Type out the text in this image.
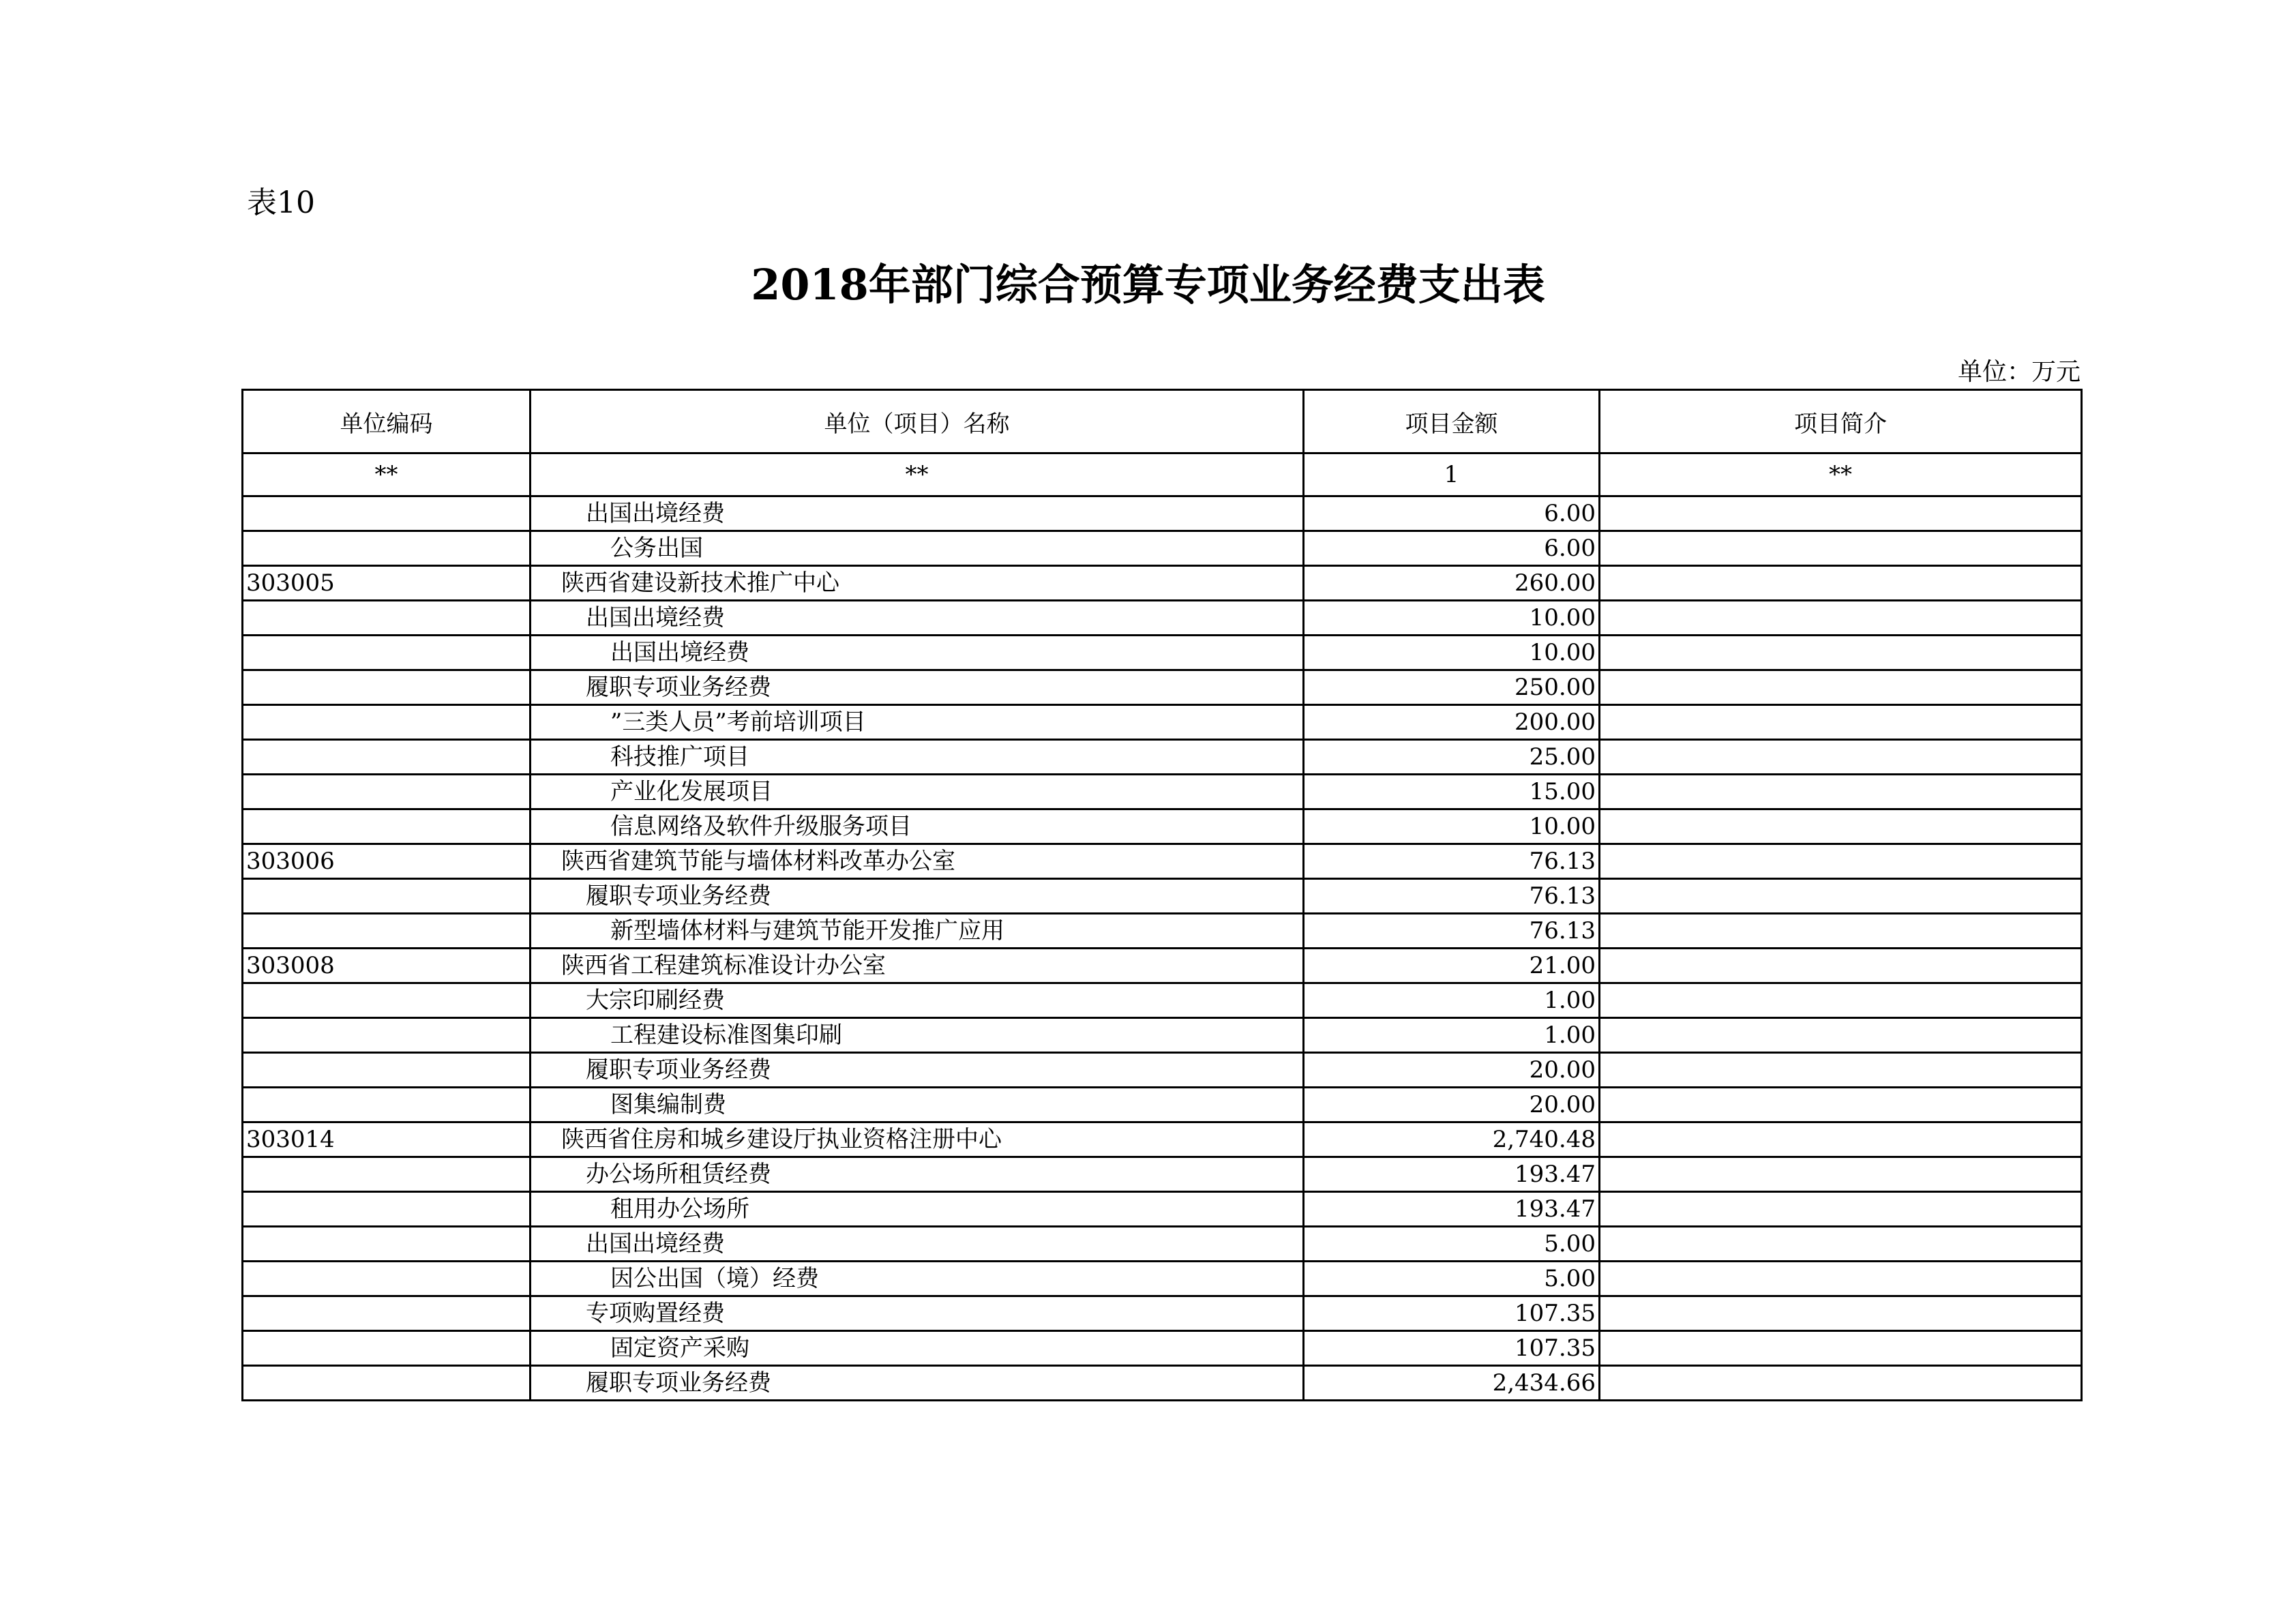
表10
2018年部门综合预算专项业务经费支出表
单位：万元
单位编码	单位（项目）名称	项目金额	项目简介
**	**	1	**
	出国出境经费	6.00	
	公务出国	6.00	
303005	陕西省建设新技术推广中心	260.00	
	出国出境经费	10.00	
	出国出境经费	10.00	
	履职专项业务经费	250.00	
	”三类人员”考前培训项目	200.00	
	科技推广项目	25.00	
	产业化发展项目	15.00	
	信息网络及软件升级服务项目	10.00	
303006	陕西省建筑节能与墙体材料改革办公室	76.13	
	履职专项业务经费	76.13	
	新型墙体材料与建筑节能开发推广应用	76.13	
303008	陕西省工程建筑标准设计办公室	21.00	
	大宗印刷经费	1.00	
	工程建设标准图集印刷	1.00	
	履职专项业务经费	20.00	
	图集编制费	20.00	
303014	陕西省住房和城乡建设厅执业资格注册中心	2,740.48	
	办公场所租赁经费	193.47	
	租用办公场所	193.47	
	出国出境经费	5.00	
	因公出国（境）经费	5.00	
	专项购置经费	107.35	
	固定资产采购	107.35	
	履职专项业务经费	2,434.66	
